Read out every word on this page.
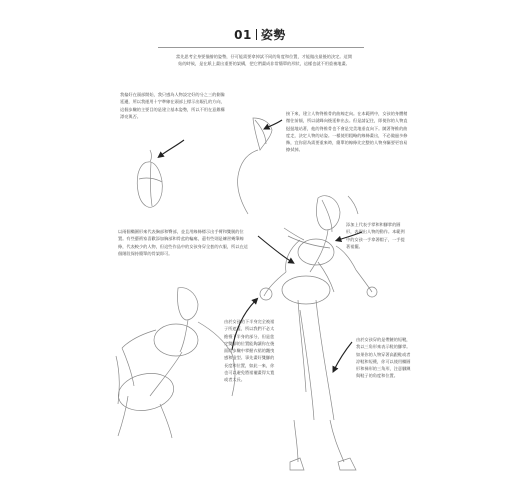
01 姿勢
當先思考全身要描繪的姿勢，仔可能需要拿掉試不同的角度和位置，才能做出最後的決定。這開始的時候，是在紙上畫出重要的架構，把它們畫成非常簡單的形狀，這樣也就不用重複地畫。
我偏好在頭部開始，我只感為人物設定好的分之三的側像延邊，所以我運用十字準線在頭部上標示出眼孔的方向，這個步驟的主要目的是建立基本姿勢，所以不用在意錐構漂亮與否。
接下來，建立人物脊椎骨的曲線走向。在本範例中，女孩的身體稍微往前傾，所以就峰向後延伸出去。但是請記住，即使你的人物直挺挺地站著，他的脊椎骨也不會是完美地垂直向下。隨著脊椎的曲度走，決定人物的站姿。一樣使用粗略的線條畫出，不必做過多修飾，宜你留為需要重來時，簡單的線條比完整的人物身驅要更容易擦拭掉。
以兩個橢圓形來代表胸部和臀部，並且用線條標示出手臂和雙腿的位置。有些藝術家喜歡添加胸部和骨盆的輪廓，還有些則是練習幾筆線條，代表較少的人物，但這些作品中的女孩身穿全套的衣服，所以在這個階段保持簡單的骨架即可。
添加上代表手掌和和腳掌的圓形，表現出人物的動作。本範例中的女孩一手拿著帽子，一手提著裙擺。
由於女孩的下半身完全被裙子所遮蓋，所以我們不必太擔慢下半身的部分，但是您定雙腳的位置能夠讓你在後面的步驟中掌握衣裙的飄曳感和造型。事先畫好雙腳的長度和位置，如此一來，你也可以避免將裙襬畫得太寬或者太長。
由於女孩穿的是帶鏈的短靴，我以三角形來表示鞋的腳掌。如果你的人物穿著高跟鞋或者涼鞋和短襪，你可以使用橢圓形和梯形的三角形，注意腳踝與鞋子的角度和位置。
